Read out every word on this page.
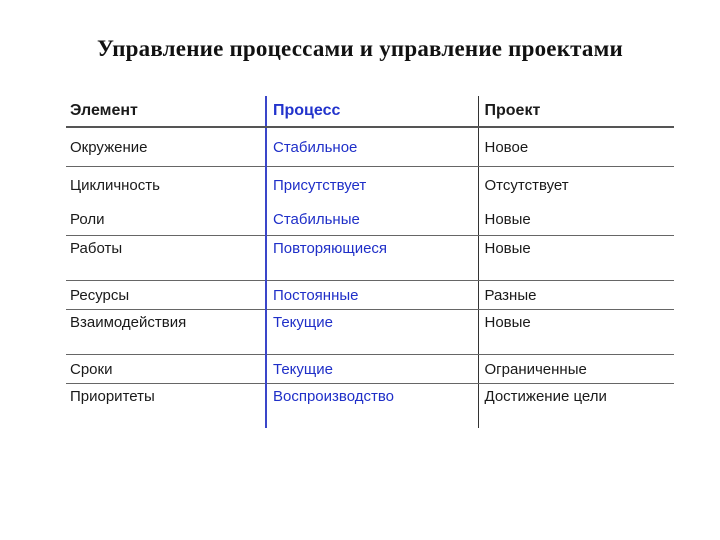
Управление процессами и управление проектами
Элемент	Процесс	Проект
Окружение	Стабильное	Новое
Цикличность	Присутствует	Отсутствует
Роли	Стабильные	Новые
Работы	Повторяющиеся	Новые
Ресурсы	Постоянные	Разные
Взаимодействия	Текущие	Новые
Сроки	Текущие	Ограниченные
Приоритеты	Воспроизводство	Достижение цели
